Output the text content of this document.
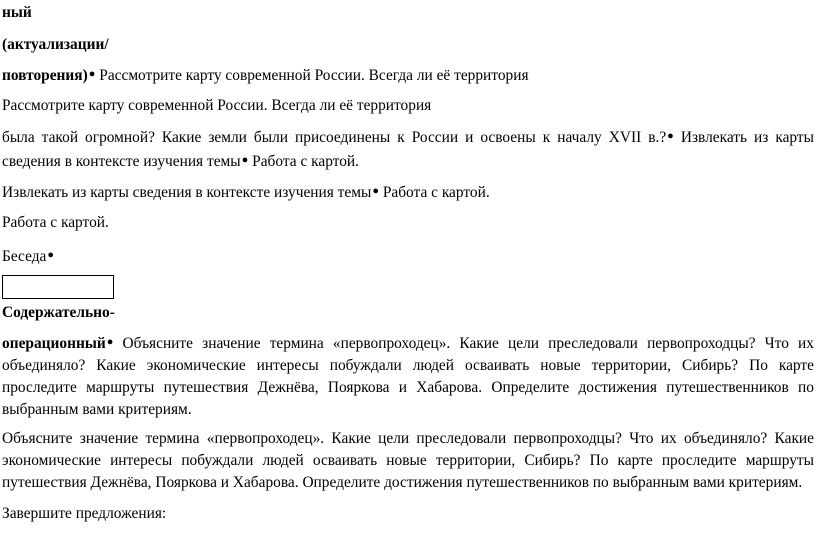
ный

(актуализации/

повторения)● Рассмотрите карту современной России. Всегда ли её территория

Рассмотрите карту современной России. Всегда ли её территория

была такой огромной? Какие земли были присоединены к России и освоены к началу XVII в.?● Извлекать из карты сведения в контексте изучения темы● Работа с картой.

Извлекать из карты сведения в контексте изучения темы● Работа с картой.

Работа с картой.

Беседа●

Содержательно-

операционный● Объясните значение термина «первопроходец». Какие цели преследовали первопроходцы? Что их объединяло? Какие экономические интересы побуждали людей осваивать новые территории, Сибирь? По карте проследите маршруты путешествия Дежнёва, Пояркова и Хабарова. Определите достижения путешественников по выбранным вами критериям.

Объясните значение термина «первопроходец». Какие цели преследовали первопроходцы? Что их объединяло? Какие экономические интересы побуждали людей осваивать новые территории, Сибирь? По карте проследите маршруты путешествия Дежнёва, Пояркова и Хабарова. Определите достижения путешественников по выбранным вами критериям.

Завершите предложения:
